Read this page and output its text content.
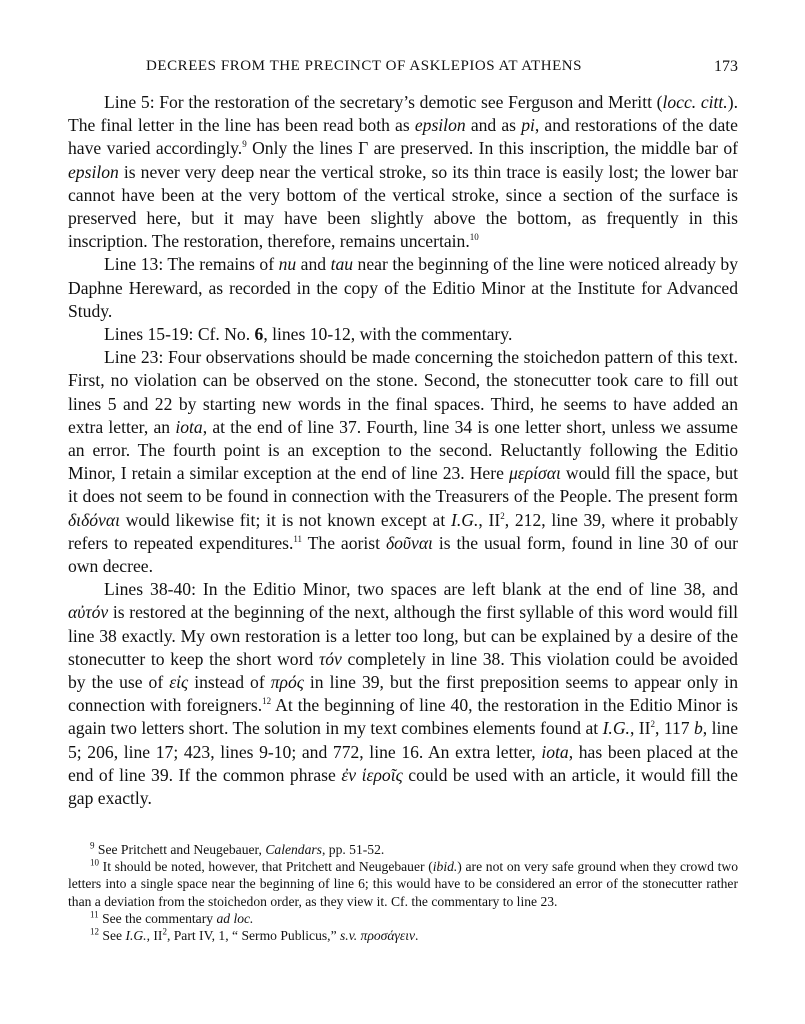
DECREES FROM THE PRECINCT OF ASKLEPIOS AT ATHENS	173

Line 5: For the restoration of the secretary’s demotic see Ferguson and Meritt (locc. citt.). The final letter in the line has been read both as epsilon and as pi, and restorations of the date have varied accordingly.$^9$ Only the lines Γ are preserved. In this inscription, the middle bar of epsilon is never very deep near the vertical stroke, so its thin trace is easily lost; the lower bar cannot have been at the very bottom of the vertical stroke, since a section of the surface is preserved here, but it may have been slightly above the bottom, as frequently in this inscription. The restoration, therefore, remains uncertain.$^{10}$

Line 13: The remains of nu and tau near the beginning of the line were noticed already by Daphne Hereward, as recorded in the copy of the Editio Minor at the Institute for Advanced Study.

Lines 15-19: Cf. No. 6, lines 10-12, with the commentary.

Line 23: Four observations should be made concerning the stoichedon pattern of this text. First, no violation can be observed on the stone. Second, the stonecutter took care to fill out lines 5 and 22 by starting new words in the final spaces. Third, he seems to have added an extra letter, an iota, at the end of line 37. Fourth, line 34 is one letter short, unless we assume an error. The fourth point is an exception to the second. Reluctantly following the Editio Minor, I retain a similar exception at the end of line 23. Here μερίσαι would fill the space, but it does not seem to be found in connection with the Treasurers of the People. The present form διδόναι would likewise fit; it is not known except at I.G., $II^2$, 212, line 39, where it probably refers to repeated expenditures.$^{11}$ The aorist δοῦναι is the usual form, found in line 30 of our own decree.

Lines 38-40: In the Editio Minor, two spaces are left blank at the end of line 38, and αὐτόν is restored at the beginning of the next, although the first syllable of this word would fill line 38 exactly. My own restoration is a letter too long, but can be explained by a desire of the stonecutter to keep the short word τόν completely in line 38. This violation could be avoided by the use of εἰς instead of πρός in line 39, but the first preposition seems to appear only in connection with foreigners.$^{12}$ At the beginning of line 40, the restoration in the Editio Minor is again two letters short. The solution in my text combines elements found at I.G., $II^2$, 117 b, line 5; 206, line 17; 423, lines 9-10; and 772, line 16. An extra letter, iota, has been placed at the end of line 39. If the common phrase ἐν ἱεροῖς could be used with an article, it would fill the gap exactly.

$^9$ See Pritchett and Neugebauer, Calendars, pp. 51-52.

$^{10}$ It should be noted, however, that Pritchett and Neugebauer (ibid.) are not on very safe ground when they crowd two letters into a single space near the beginning of line 6; this would have to be considered an error of the stonecutter rather than a deviation from the stoichedon order, as they view it. Cf. the commentary to line 23.

$^{11}$ See the commentary ad loc.

$^{12}$ See I.G., $II^2$, Part IV, 1, “ Sermo Publicus,” s.v. προσάγειν.
